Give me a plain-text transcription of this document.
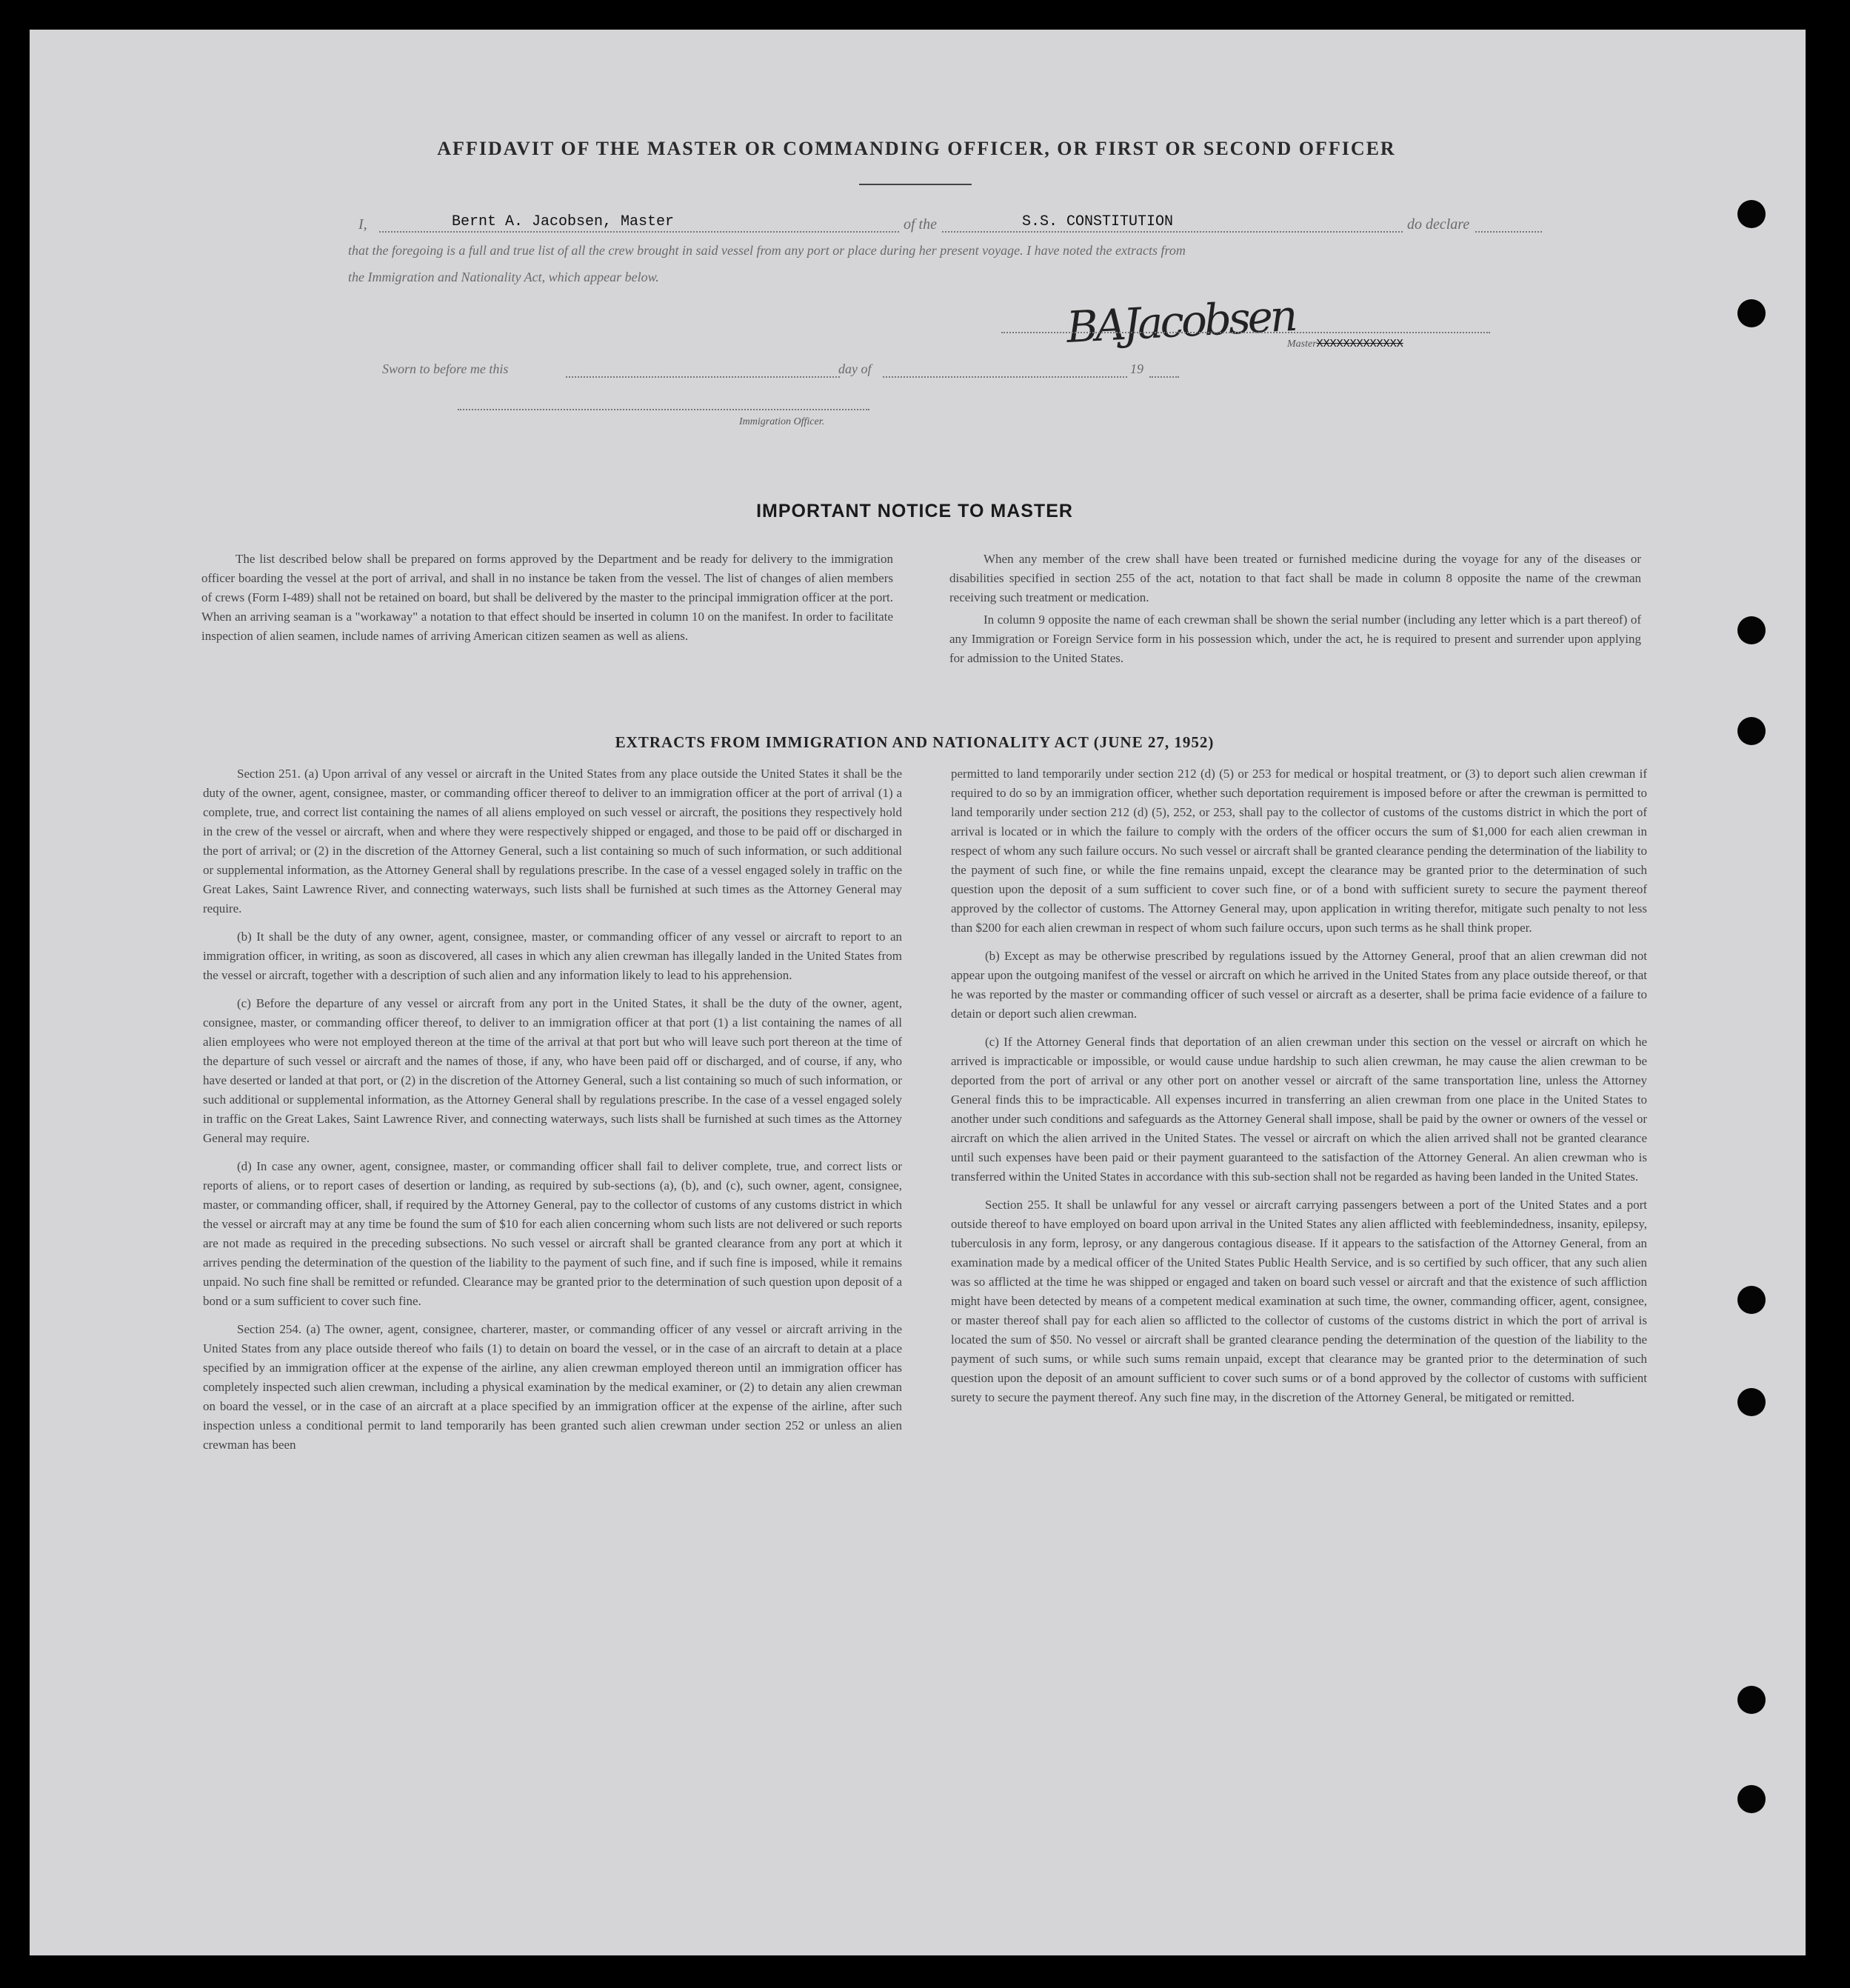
AFFIDAVIT OF THE MASTER OR COMMANDING OFFICER, OR FIRST OR SECOND OFFICER
I,	Bernt A. Jacobsen, Master	of the	S.S. CONSTITUTION	do declare
that the foregoing is a full and true list of all the crew brought in said vessel from any port or place during her present voyage. I have noted the extracts from
the Immigration and Nationality Act, which appear below.
BAJacobsen
MasterXXXXXXXXXXXXX
Sworn to before me this	day of	19
Immigration Officer.
IMPORTANT NOTICE TO MASTER

The list described below shall be prepared on forms approved by the Department and be ready for delivery to the immigration officer boarding the vessel at the port of arrival, and shall in no instance be taken from the vessel. The list of changes of alien members of crews (Form I-489) shall not be retained on board, but shall be delivered by the master to the principal immigration officer at the port. When an arriving seaman is a "workaway" a notation to that effect should be inserted in column 10 on the manifest. In order to facilitate inspection of alien seamen, include names of arriving American citizen seamen as well as aliens.

When any member of the crew shall have been treated or furnished medicine during the voyage for any of the diseases or disabilities specified in section 255 of the act, notation to that fact shall be made in column 8 opposite the name of the crewman receiving such treatment or medication.

In column 9 opposite the name of each crewman shall be shown the serial number (including any letter which is a part thereof) of any Immigration or Foreign Service form in his possession which, under the act, he is required to present and surrender upon applying for admission to the United States.

EXTRACTS FROM IMMIGRATION AND NATIONALITY ACT (JUNE 27, 1952)

Section 251. (a) Upon arrival of any vessel or aircraft in the United States from any place outside the United States it shall be the duty of the owner, agent, consignee, master, or commanding officer thereof to deliver to an immigration officer at the port of arrival (1) a complete, true, and correct list containing the names of all aliens employed on such vessel or aircraft, the positions they respectively hold in the crew of the vessel or aircraft, when and where they were respectively shipped or engaged, and those to be paid off or discharged in the port of arrival; or (2) in the discretion of the Attorney General, such a list containing so much of such information, or such additional or supplemental information, as the Attorney General shall by regulations prescribe. In the case of a vessel engaged solely in traffic on the Great Lakes, Saint Lawrence River, and connecting waterways, such lists shall be furnished at such times as the Attorney General may require.

(b) It shall be the duty of any owner, agent, consignee, master, or commanding officer of any vessel or aircraft to report to an immigration officer, in writing, as soon as discovered, all cases in which any alien crewman has illegally landed in the United States from the vessel or aircraft, together with a description of such alien and any information likely to lead to his apprehension.

(c) Before the departure of any vessel or aircraft from any port in the United States, it shall be the duty of the owner, agent, consignee, master, or commanding officer thereof, to deliver to an immigration officer at that port (1) a list containing the names of all alien employees who were not employed thereon at the time of the arrival at that port but who will leave such port thereon at the time of the departure of such vessel or aircraft and the names of those, if any, who have been paid off or discharged, and of course, if any, who have deserted or landed at that port, or (2) in the discretion of the Attorney General, such a list containing so much of such information, or such additional or supplemental information, as the Attorney General shall by regulations prescribe. In the case of a vessel engaged solely in traffic on the Great Lakes, Saint Lawrence River, and connecting waterways, such lists shall be furnished at such times as the Attorney General may require.

(d) In case any owner, agent, consignee, master, or commanding officer shall fail to deliver complete, true, and correct lists or reports of aliens, or to report cases of desertion or landing, as required by sub-sections (a), (b), and (c), such owner, agent, consignee, master, or commanding officer, shall, if required by the Attorney General, pay to the collector of customs of any customs district in which the vessel or aircraft may at any time be found the sum of $10 for each alien concerning whom such lists are not delivered or such reports are not made as required in the preceding subsections. No such vessel or aircraft shall be granted clearance from any port at which it arrives pending the determination of the question of the liability to the payment of such fine, and if such fine is imposed, while it remains unpaid. No such fine shall be remitted or refunded. Clearance may be granted prior to the determination of such question upon deposit of a bond or a sum sufficient to cover such fine.

Section 254. (a) The owner, agent, consignee, charterer, master, or commanding officer of any vessel or aircraft arriving in the United States from any place outside thereof who fails (1) to detain on board the vessel, or in the case of an aircraft to detain at a place specified by an immigration officer at the expense of the airline, any alien crewman employed thereon until an immigration officer has completely inspected such alien crewman, including a physical examination by the medical examiner, or (2) to detain any alien crewman on board the vessel, or in the case of an aircraft at a place specified by an immigration officer at the expense of the airline, after such inspection unless a conditional permit to land temporarily has been granted such alien crewman under section 252 or unless an alien crewman has been

permitted to land temporarily under section 212 (d) (5) or 253 for medical or hospital treatment, or (3) to deport such alien crewman if required to do so by an immigration officer, whether such deportation requirement is imposed before or after the crewman is permitted to land temporarily under section 212 (d) (5), 252, or 253, shall pay to the collector of customs of the customs district in which the port of arrival is located or in which the failure to comply with the orders of the officer occurs the sum of $1,000 for each alien crewman in respect of whom any such failure occurs. No such vessel or aircraft shall be granted clearance pending the determination of the liability to the payment of such fine, or while the fine remains unpaid, except the clearance may be granted prior to the determination of such question upon the deposit of a sum sufficient to cover such fine, or of a bond with sufficient surety to secure the payment thereof approved by the collector of customs. The Attorney General may, upon application in writing therefor, mitigate such penalty to not less than $200 for each alien crewman in respect of whom such failure occurs, upon such terms as he shall think proper.

(b) Except as may be otherwise prescribed by regulations issued by the Attorney General, proof that an alien crewman did not appear upon the outgoing manifest of the vessel or aircraft on which he arrived in the United States from any place outside thereof, or that he was reported by the master or commanding officer of such vessel or aircraft as a deserter, shall be prima facie evidence of a failure to detain or deport such alien crewman.

(c) If the Attorney General finds that deportation of an alien crewman under this section on the vessel or aircraft on which he arrived is impracticable or impossible, or would cause undue hardship to such alien crewman, he may cause the alien crewman to be deported from the port of arrival or any other port on another vessel or aircraft of the same transportation line, unless the Attorney General finds this to be impracticable. All expenses incurred in transferring an alien crewman from one place in the United States to another under such conditions and safeguards as the Attorney General shall impose, shall be paid by the owner or owners of the vessel or aircraft on which the alien arrived in the United States. The vessel or aircraft on which the alien arrived shall not be granted clearance until such expenses have been paid or their payment guaranteed to the satisfaction of the Attorney General. An alien crewman who is transferred within the United States in accordance with this sub-section shall not be regarded as having been landed in the United States.

Section 255. It shall be unlawful for any vessel or aircraft carrying passengers between a port of the United States and a port outside thereof to have employed on board upon arrival in the United States any alien afflicted with feeblemindedness, insanity, epilepsy, tuberculosis in any form, leprosy, or any dangerous contagious disease. If it appears to the satisfaction of the Attorney General, from an examination made by a medical officer of the United States Public Health Service, and is so certified by such officer, that any such alien was so afflicted at the time he was shipped or engaged and taken on board such vessel or aircraft and that the existence of such affliction might have been detected by means of a competent medical examination at such time, the owner, commanding officer, agent, consignee, or master thereof shall pay for each alien so afflicted to the collector of customs of the customs district in which the port of arrival is located the sum of $50. No vessel or aircraft shall be granted clearance pending the determination of the question of the liability to the payment of such sums, or while such sums remain unpaid, except that clearance may be granted prior to the determination of such question upon the deposit of an amount sufficient to cover such sums or of a bond approved by the collector of customs with sufficient surety to secure the payment thereof. Any such fine may, in the discretion of the Attorney General, be mitigated or remitted.
